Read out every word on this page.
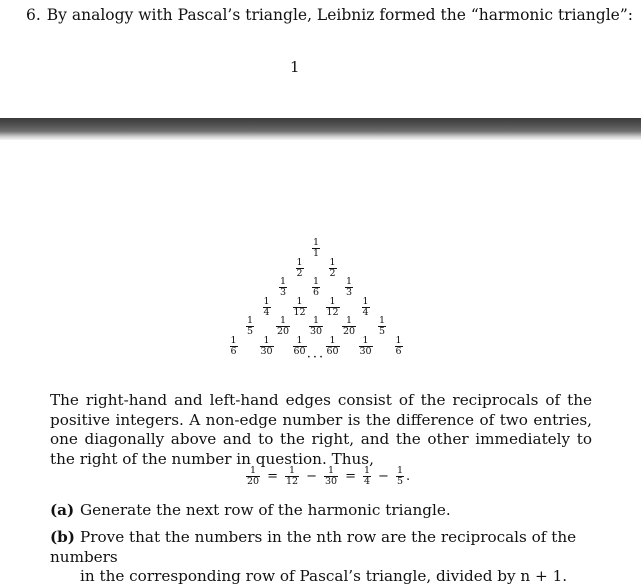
6. By analogy with Pascal’s triangle, Leibniz formed the “harmonic triangle”:
1
1
1
1
2
1
2
1
3
1
6
1
3
1
4
1
12
1
12
1
4
1
5
1
20
1
30
1
20
1
5
1
6
1
30
1
60
1
60
1
30
1
6
···
The right-hand and left-hand edges consist of the reciprocals of the positive integers. A non-edge number is the difference of two entries, one diagonally above and to the right, and the other immediately to the right of the number in question. Thus,
$\frac{1}{20} = \frac{1}{12} - \frac{1}{30} = \frac{1}{4} - \frac{1}{5}$ .
(a) Generate the next row of the harmonic triangle.
(b) Prove that the numbers in the nth row are the reciprocals of the numbers
in the corresponding row of Pascal’s triangle, divided by n + 1.
